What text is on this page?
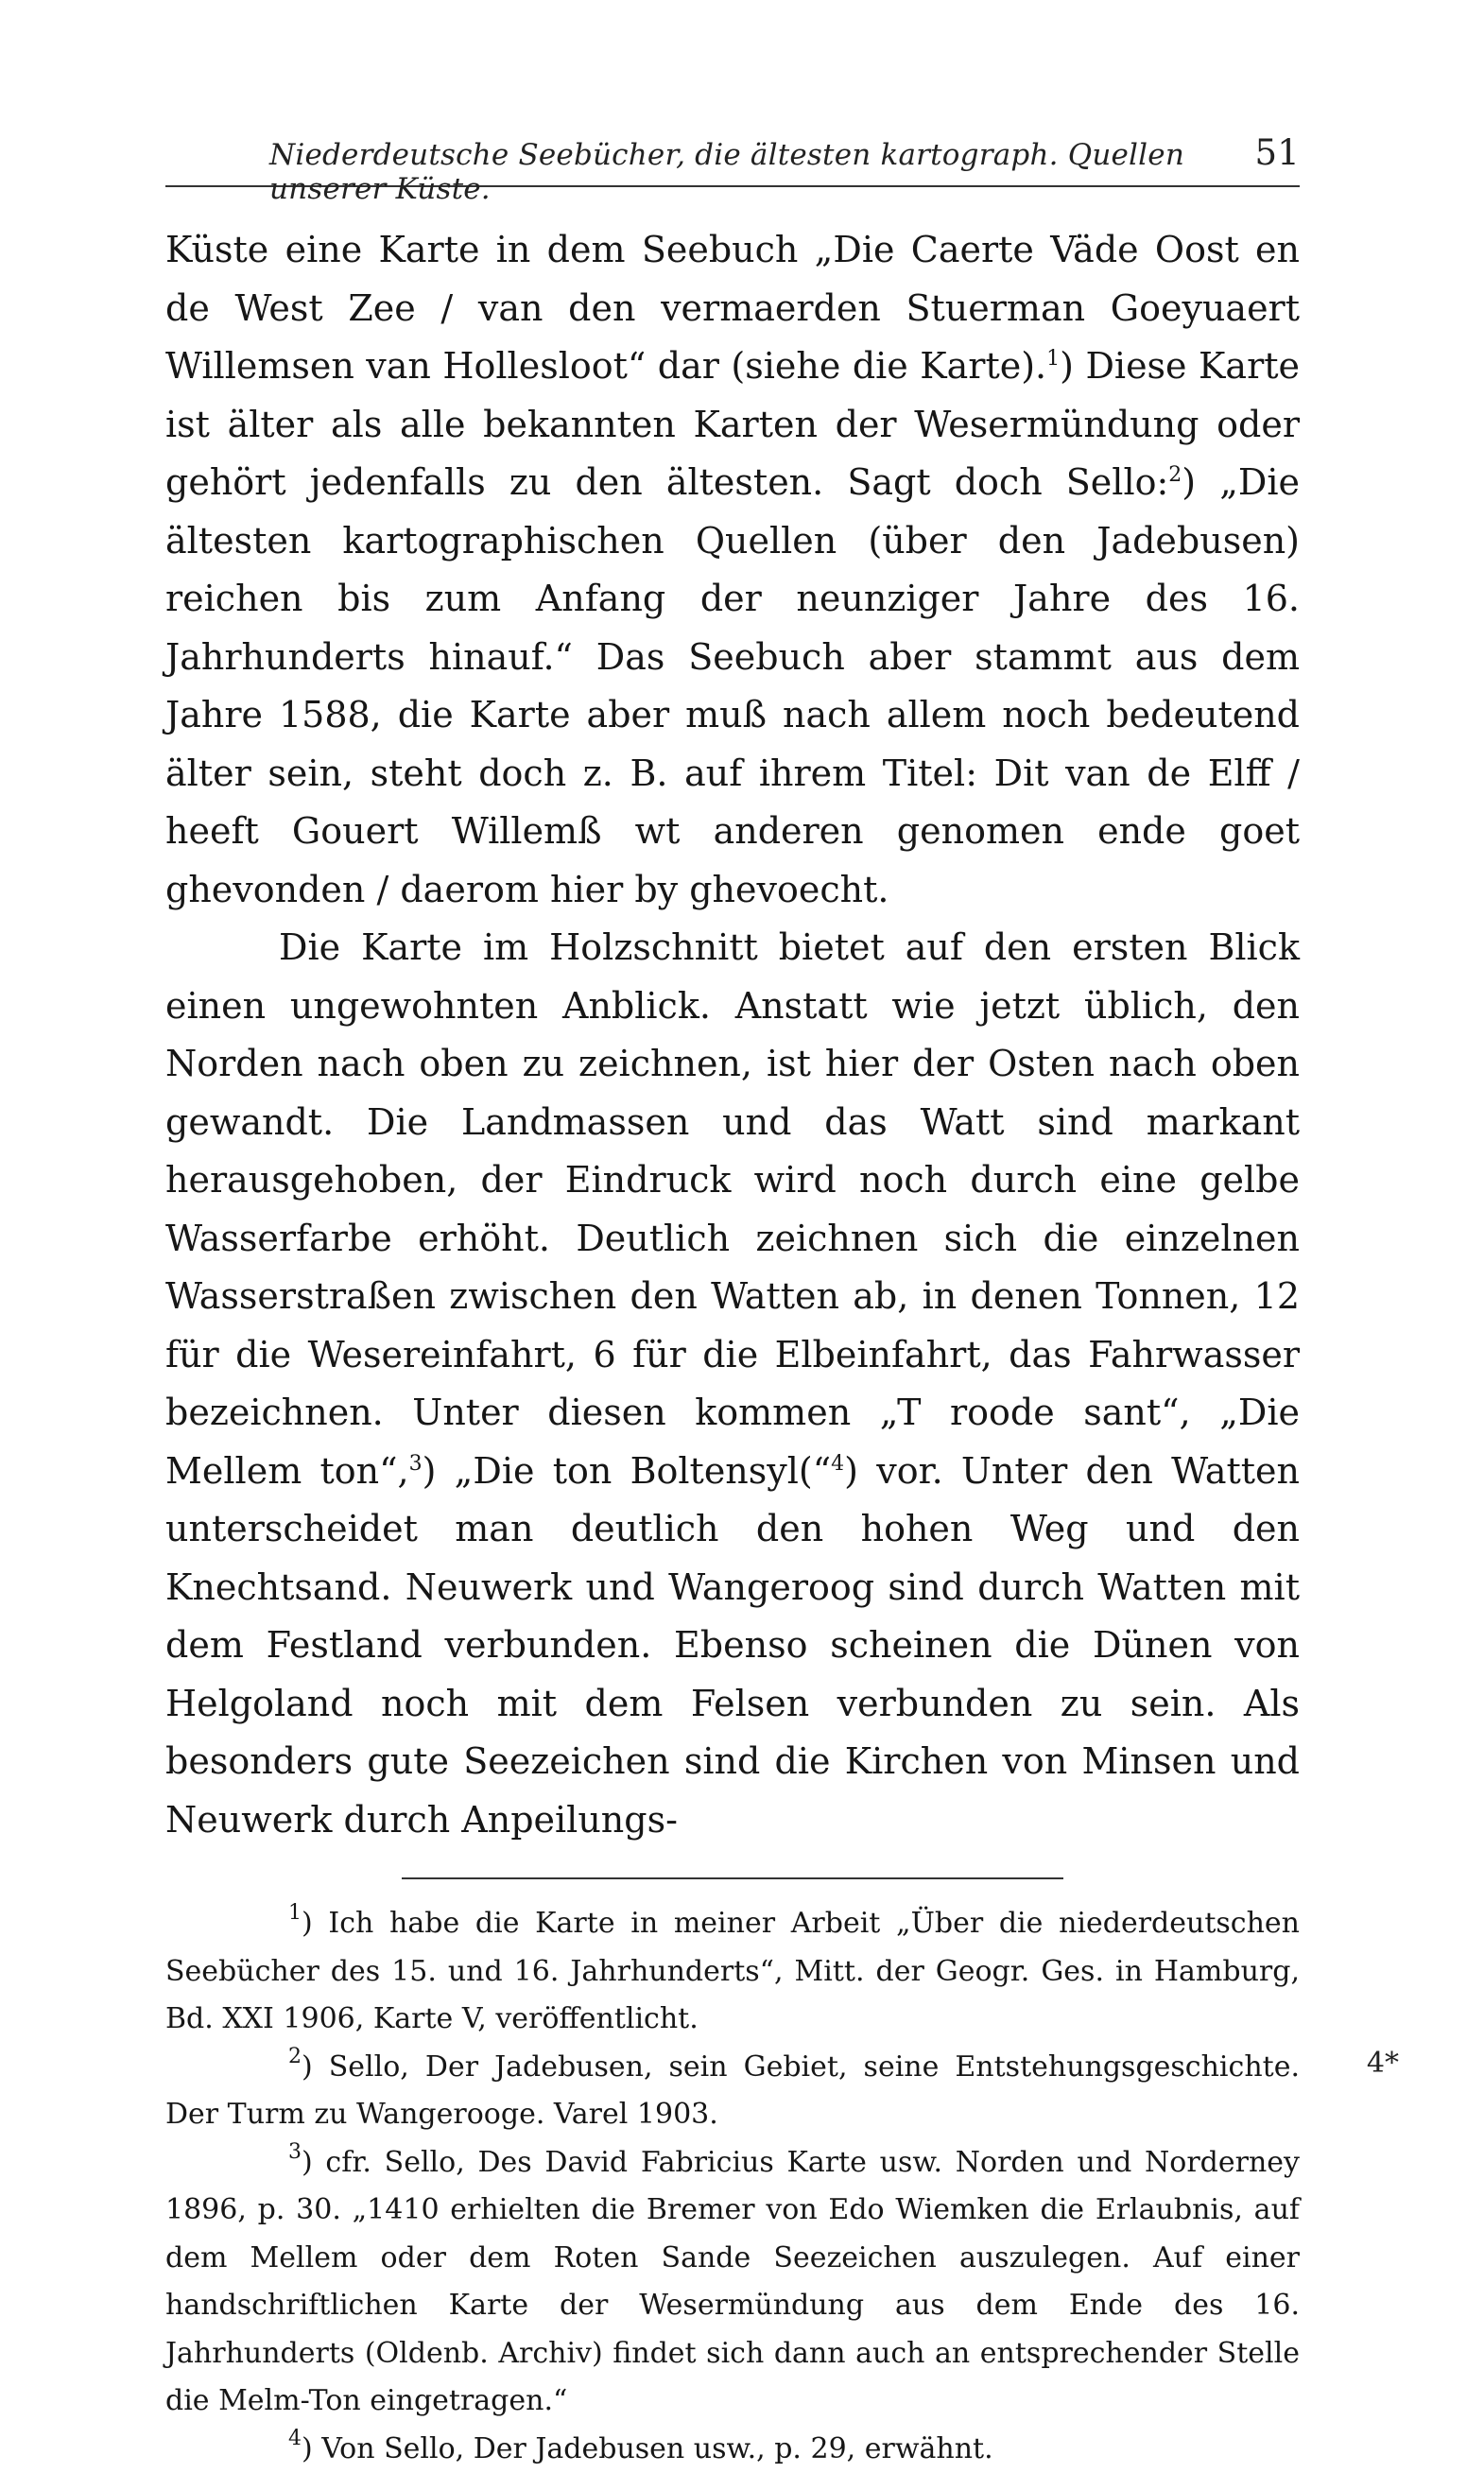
Niederdeutsche Seebücher, die ältesten kartograph. Quellen unserer Küste.
51

Küste eine Karte in dem Seebuch „Die Caerte Väde Oost en de West Zee / van den vermaerden Stuerman Goeyuaert Willemsen van Hollesloot“ dar (siehe die Karte).$^1$) Diese Karte ist älter als alle bekannten Karten der Wesermündung oder gehört jedenfalls zu den ältesten. Sagt doch Sello:$^2$) „Die ältesten kartographischen Quellen (über den Jadebusen) reichen bis zum Anfang der neunziger Jahre des 16. Jahrhunderts hinauf.“ Das Seebuch aber stammt aus dem Jahre 1588, die Karte aber muß nach allem noch bedeutend älter sein, steht doch z. B. auf ihrem Titel: Dit van de Elff / heeft Gouert Willemß wt anderen genomen ende goet ghevonden / daerom hier by ghevoecht.

Die Karte im Holzschnitt bietet auf den ersten Blick einen ungewohnten Anblick. Anstatt wie jetzt üblich, den Norden nach oben zu zeichnen, ist hier der Osten nach oben gewandt. Die Landmassen und das Watt sind markant herausgehoben, der Eindruck wird noch durch eine gelbe Wasserfarbe erhöht. Deutlich zeichnen sich die einzelnen Wasserstraßen zwischen den Watten ab, in denen Tonnen, 12 für die Wesereinfahrt, 6 für die Elbeinfahrt, das Fahrwasser bezeichnen. Unter diesen kommen „T roode sant“, „Die Mellem ton“,$^3$) „Die ton Boltensyl(“$^4$) vor. Unter den Watten unterscheidet man deutlich den hohen Weg und den Knechtsand. Neuwerk und Wangeroog sind durch Watten mit dem Festland verbunden. Ebenso scheinen die Dünen von Helgoland noch mit dem Felsen verbunden zu sein. Als besonders gute Seezeichen sind die Kirchen von Minsen und Neuwerk durch Anpeilungs-

$^1$) Ich habe die Karte in meiner Arbeit „Über die niederdeutschen Seebücher des 15. und 16. Jahrhunderts“, Mitt. der Geogr. Ges. in Hamburg, Bd. XXI 1906, Karte V, veröffentlicht.

$^2$) Sello, Der Jadebusen, sein Gebiet, seine Entstehungsgeschichte. Der Turm zu Wangerooge. Varel 1903.

$^3$) cfr. Sello, Des David Fabricius Karte usw. Norden und Norderney 1896, p. 30. „1410 erhielten die Bremer von Edo Wiemken die Erlaubnis, auf dem Mellem oder dem Roten Sande Seezeichen auszulegen. Auf einer handschriftlichen Karte der Wesermündung aus dem Ende des 16. Jahrhunderts (Oldenb. Archiv) findet sich dann auch an entsprechender Stelle die Melm-Ton eingetragen.“

$^4$) Von Sello, Der Jadebusen usw., p. 29, erwähnt.

4*
